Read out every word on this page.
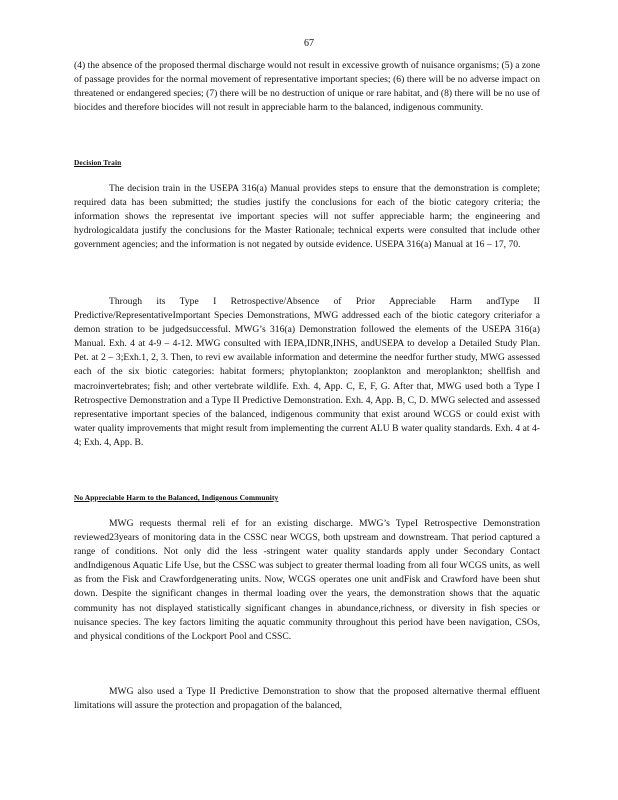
67

(4) the absence of the proposed thermal discharge would not result in excessive growth of nuisance organisms; (5) a zone of passage provides for the normal movement of representative important species; (6) there will be no adverse impact on threatened or endangered species; (7) there will be no destruction of unique or rare habitat, and (8) there will be no use of biocides and therefore biocides will not result in appreciable harm to the balanced, indigenous community.

Decision Train

The decision train in the USEPA 316(a) Manual provides steps to ensure that the demonstration is complete; required data has been submitted; the studies justify the conclusions for each of the biotic category criteria; the information shows the representat ive important species will not suffer appreciable harm; the engineering and hydrologicaldata justify the conclusions for the Master Rationale; technical experts were consulted that include other government agencies; and the information is not negated by outside evidence. USEPA 316(a) Manual at 16 – 17, 70.

Through its Type I Retrospective/Absence of Prior Appreciable Harm andType II Predictive/RepresentativeImportant Species Demonstrations, MWG addressed each of the biotic category criteriafor a demon stration to be judgedsuccessful. MWG’s 316(a) Demonstration followed the elements of the USEPA 316(a) Manual. Exh. 4 at 4-9 – 4-12. MWG consulted with IEPA,IDNR,INHS, andUSEPA to develop a Detailed Study Plan. Pet. at 2 – 3;Exh.1, 2, 3. Then, to revi ew available information and determine the needfor further study, MWG assessed each of the six biotic categories: habitat formers; phytoplankton; zooplankton and meroplankton; shellfish and macroinvertebrates; fish; and other vertebrate wildlife. Exh. 4, App. C, E, F, G. After that, MWG used both a Type I Retrospective Demonstration and a Type II Predictive Demonstration. Exh. 4, App. B, C, D. MWG selected and assessed representative important species of the balanced, indigenous community that exist around WCGS or could exist with water quality improvements that might result from implementing the current ALU B water quality standards. Exh. 4 at 4-4; Exh. 4, App. B.

No Appreciable Harm to the Balanced, Indigenous Community

MWG requests thermal reli ef for an existing discharge. MWG’s TypeI Retrospective Demonstration reviewed23years of monitoring data in the CSSC near WCGS, both upstream and downstream. That period captured a range of conditions. Not only did the less -stringent water quality standards apply under Secondary Contact andIndigenous Aquatic Life Use, but the CSSC was subject to greater thermal loading from all four WCGS units, as well as from the Fisk and Crawfordgenerating units. Now, WCGS operates one unit andFisk and Crawford have been shut down. Despite the significant changes in thermal loading over the years, the demonstration shows that the aquatic community has not displayed statistically significant changes in abundance,richness, or diversity in fish species or nuisance species. The key factors limiting the aquatic community throughout this period have been navigation, CSOs, and physical conditions of the Lockport Pool and CSSC.

MWG also used a Type II Predictive Demonstration to show that the proposed alternative thermal effluent limitations will assure the protection and propagation of the balanced,
